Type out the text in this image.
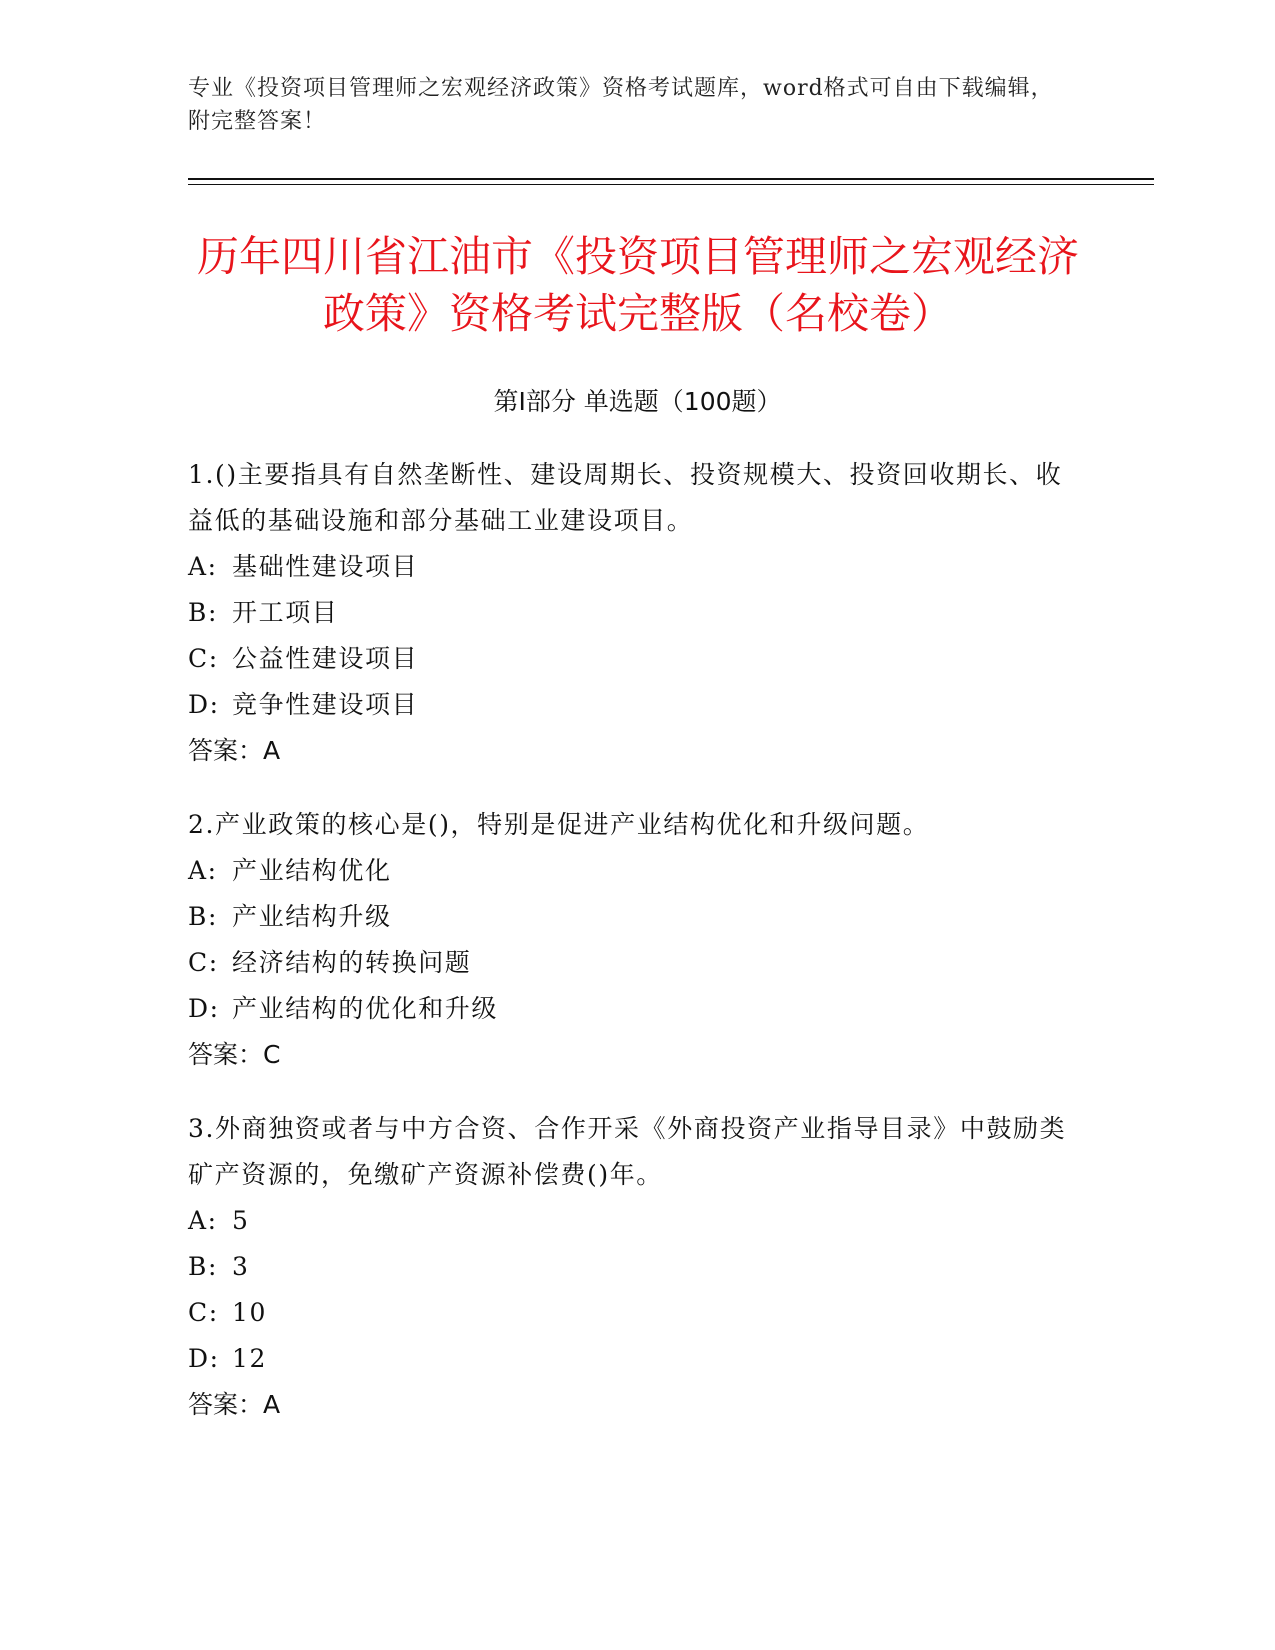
专业《投资项目管理师之宏观经济政策》资格考试题库，word格式可自由下载编辑，附完整答案！
历年四川省江油市《投资项目管理师之宏观经济政策》资格考试完整版（名校卷）
第Ⅰ部分 单选题（100题）

1.()主要指具有自然垄断性、建设周期长、投资规模大、投资回收期长、收益低的基础设施和部分基础工业建设项目。

A: 基础性建设项目
B: 开工项目
C: 公益性建设项目
D: 竞争性建设项目
答案：A

2.产业政策的核心是()，特别是促进产业结构优化和升级问题。

A: 产业结构优化
B: 产业结构升级
C: 经济结构的转换问题
D: 产业结构的优化和升级
答案：C

3.外商独资或者与中方合资、合作开采《外商投资产业指导目录》中鼓励类矿产资源的，免缴矿产资源补偿费()年。

A: 5
B: 3
C: 10
D: 12
答案：A
